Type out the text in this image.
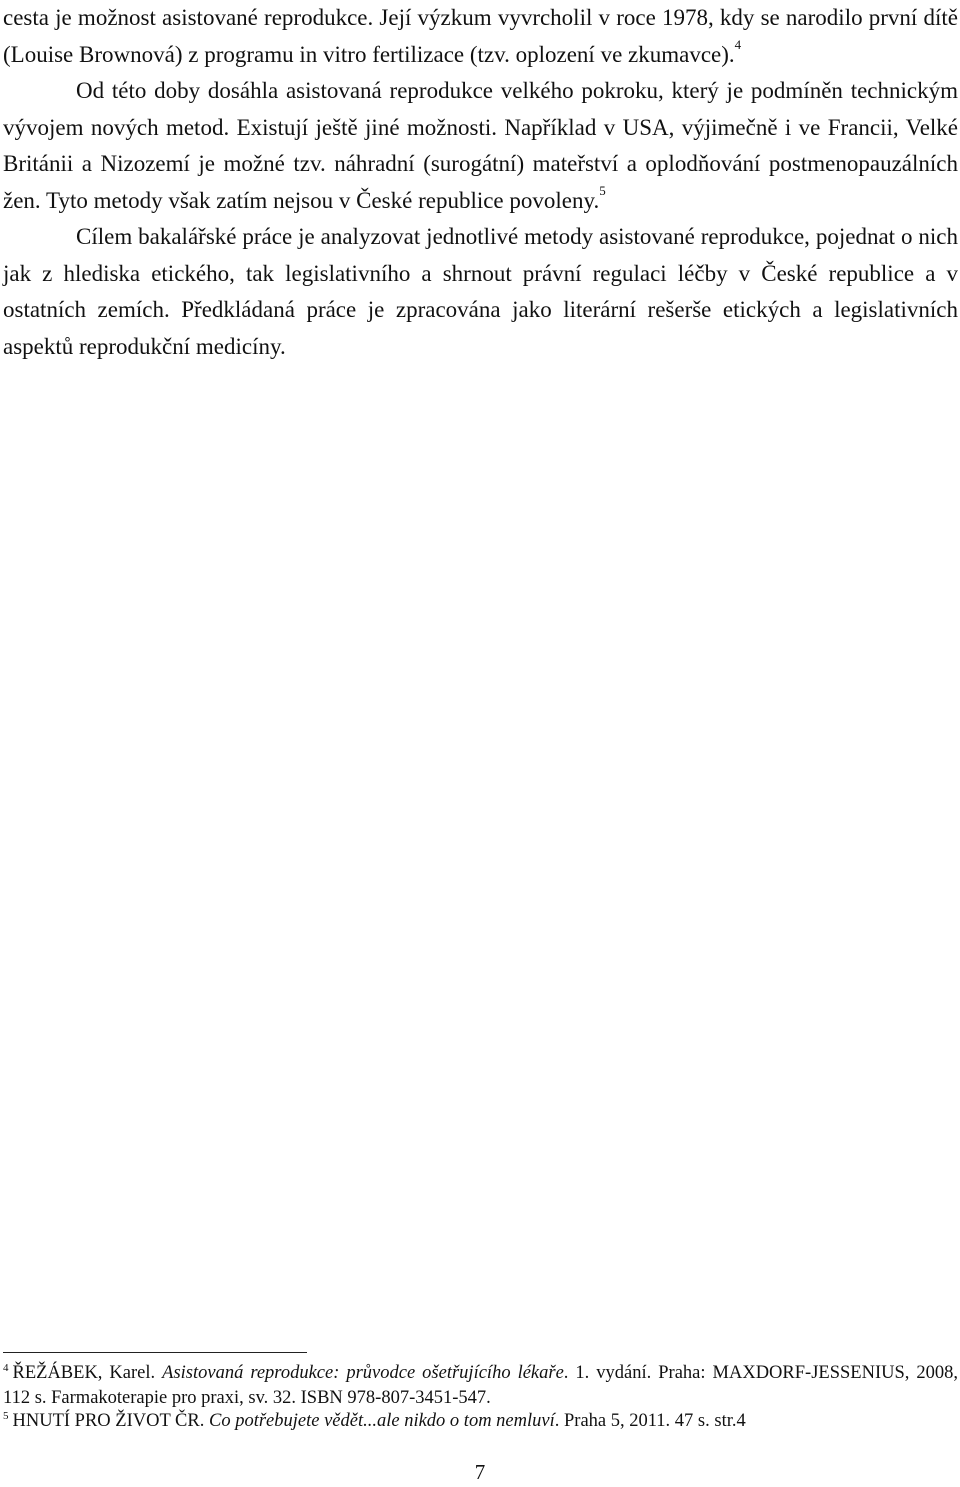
cesta je možnost asistované reprodukce. Její výzkum vyvrcholil v roce 1978, kdy se narodilo první dítě (Louise Brownová) z programu in vitro fertilizace (tzv. oplození ve zkumavce).$^4$

Od této doby dosáhla asistovaná reprodukce velkého pokroku, který je podmíněn technickým vývojem nových metod. Existují ještě jiné možnosti. Například v USA, výjimečně i ve Francii, Velké Británii a Nizozemí je možné tzv. náhradní (surogátní) mateřství a oplodňování postmenopauzálních žen. Tyto metody však zatím nejsou v České republice povoleny.$^5$

Cílem bakalářské práce je analyzovat jednotlivé metody asistované reprodukce, pojednat o nich jak z hlediska etického, tak legislativního a shrnout právní regulaci léčby v České republice a v ostatních zemích. Předkládaná práce je zpracována jako literární rešerše etických a legislativních aspektů reprodukční medicíny.

$^4$ ŘEŽÁBEK, Karel. Asistovaná reprodukce: průvodce ošetřujícího lékaře. 1. vydání. Praha: MAXDORF-JESSENIUS, 2008, 112 s. Farmakoterapie pro praxi, sv. 32. ISBN 978-807-3451-547.

$^5$ HNUTÍ PRO ŽIVOT ČR. Co potřebujete vědět...ale nikdo o tom nemluví. Praha 5, 2011. 47 s. str.4

7
